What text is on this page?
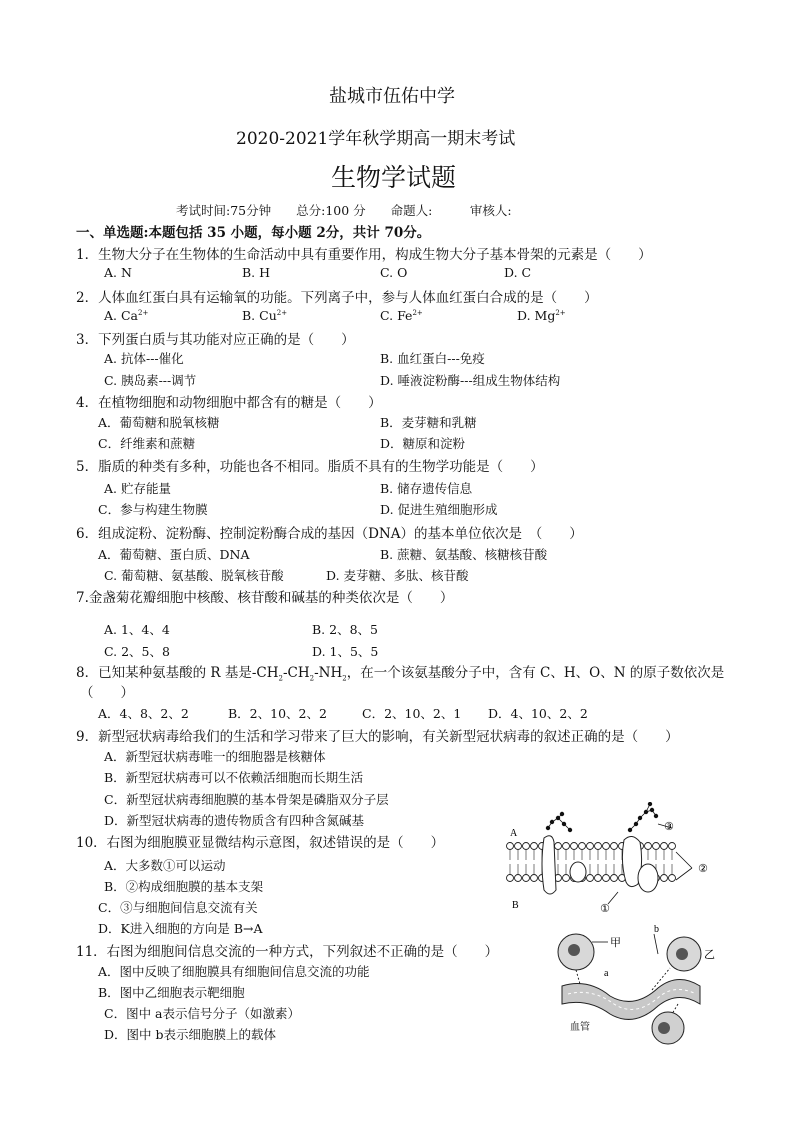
盐城市伍佑中学
2020-2021学年秋学期高一期末考试
生物学试题
考试时间:75分钟　　总分:100 分　　命题人:　　　审核人:
一、单选题:本题包括 35 小题，每小题 2分，共计 70分。
1．生物大分子在生物体的生命活动中具有重要作用，构成生物大分子基本骨架的元素是（　　）
A. N	B. H	C. O	D. C
2．人体血红蛋白具有运输氧的功能。下列离子中，参与人体血红蛋白合成的是（　　）
A. $Ca^{2+}$	B. $Cu^{2+}$	C. $Fe^{2+}$	D. $Mg^{2+}$
3．下列蛋白质与其功能对应正确的是（　　）
A. 抗体---催化	B. 血红蛋白---免疫
C. 胰岛素---调节	D. 唾液淀粉酶---组成生物体结构
4．在植物细胞和动物细胞中都含有的糖是（　　）
A．葡萄糖和脱氧核糖	B．麦芽糖和乳糖
C．纤维素和蔗糖	D．糖原和淀粉
5．脂质的种类有多种，功能也各不相同。脂质不具有的生物学功能是（　　）
A. 贮存能量	B. 储存遗传信息
C．参与构建生物膜	D. 促进生殖细胞形成
6．组成淀粉、淀粉酶、控制淀粉酶合成的基因（DNA）的基本单位依次是　（　　）
A．葡萄糖、蛋白质、DNA	B. 蔗糖、氨基酸、核糖核苷酸
C. 葡萄糖、氨基酸、脱氧核苷酸	D. 麦芽糖、多肽、核苷酸
7.金盏菊花瓣细胞中核酸、核苷酸和碱基的种类依次是（　　）
A. 1、4、4	B. 2、8、5
C. 2、5、8	D. 1、5、5
8．已知某种氨基酸的 R 基是$-CH_2-CH_2-NH_2$，在一个该氨基酸分子中，含有 C、H、O、N 的原子数依次是
（　　）
A．4、8、2、2	B．2、10、2、2	C．2、10、2、1 D．4、10、2、2
9．新型冠状病毒给我们的生活和学习带来了巨大的影响，有关新型冠状病毒的叙述正确的是（　　）
A．新型冠状病毒唯一的细胞器是核糖体
B．新型冠状病毒可以不依赖活细胞而长期生活
C．新型冠状病毒细胞膜的基本骨架是磷脂双分子层
D．新型冠状病毒的遗传物质含有四种含氮碱基
10．右图为细胞膜亚显微结构示意图，叙述错误的是（　　）
A．大多数①可以运动
B．②构成细胞膜的基本支架
C．③与细胞间信息交流有关
D．K进入细胞的方向是 B→A
11．右图为细胞间信息交流的一种方式，下列叙述不正确的是（　　）
A．图中反映了细胞膜具有细胞间信息交流的功能
B．图中乙细胞表示靶细胞
C．图中 a表示信号分子（如激素）
D．图中 b表示细胞膜上的载体
A
B
③
②
①
甲
乙
a
b
血管
